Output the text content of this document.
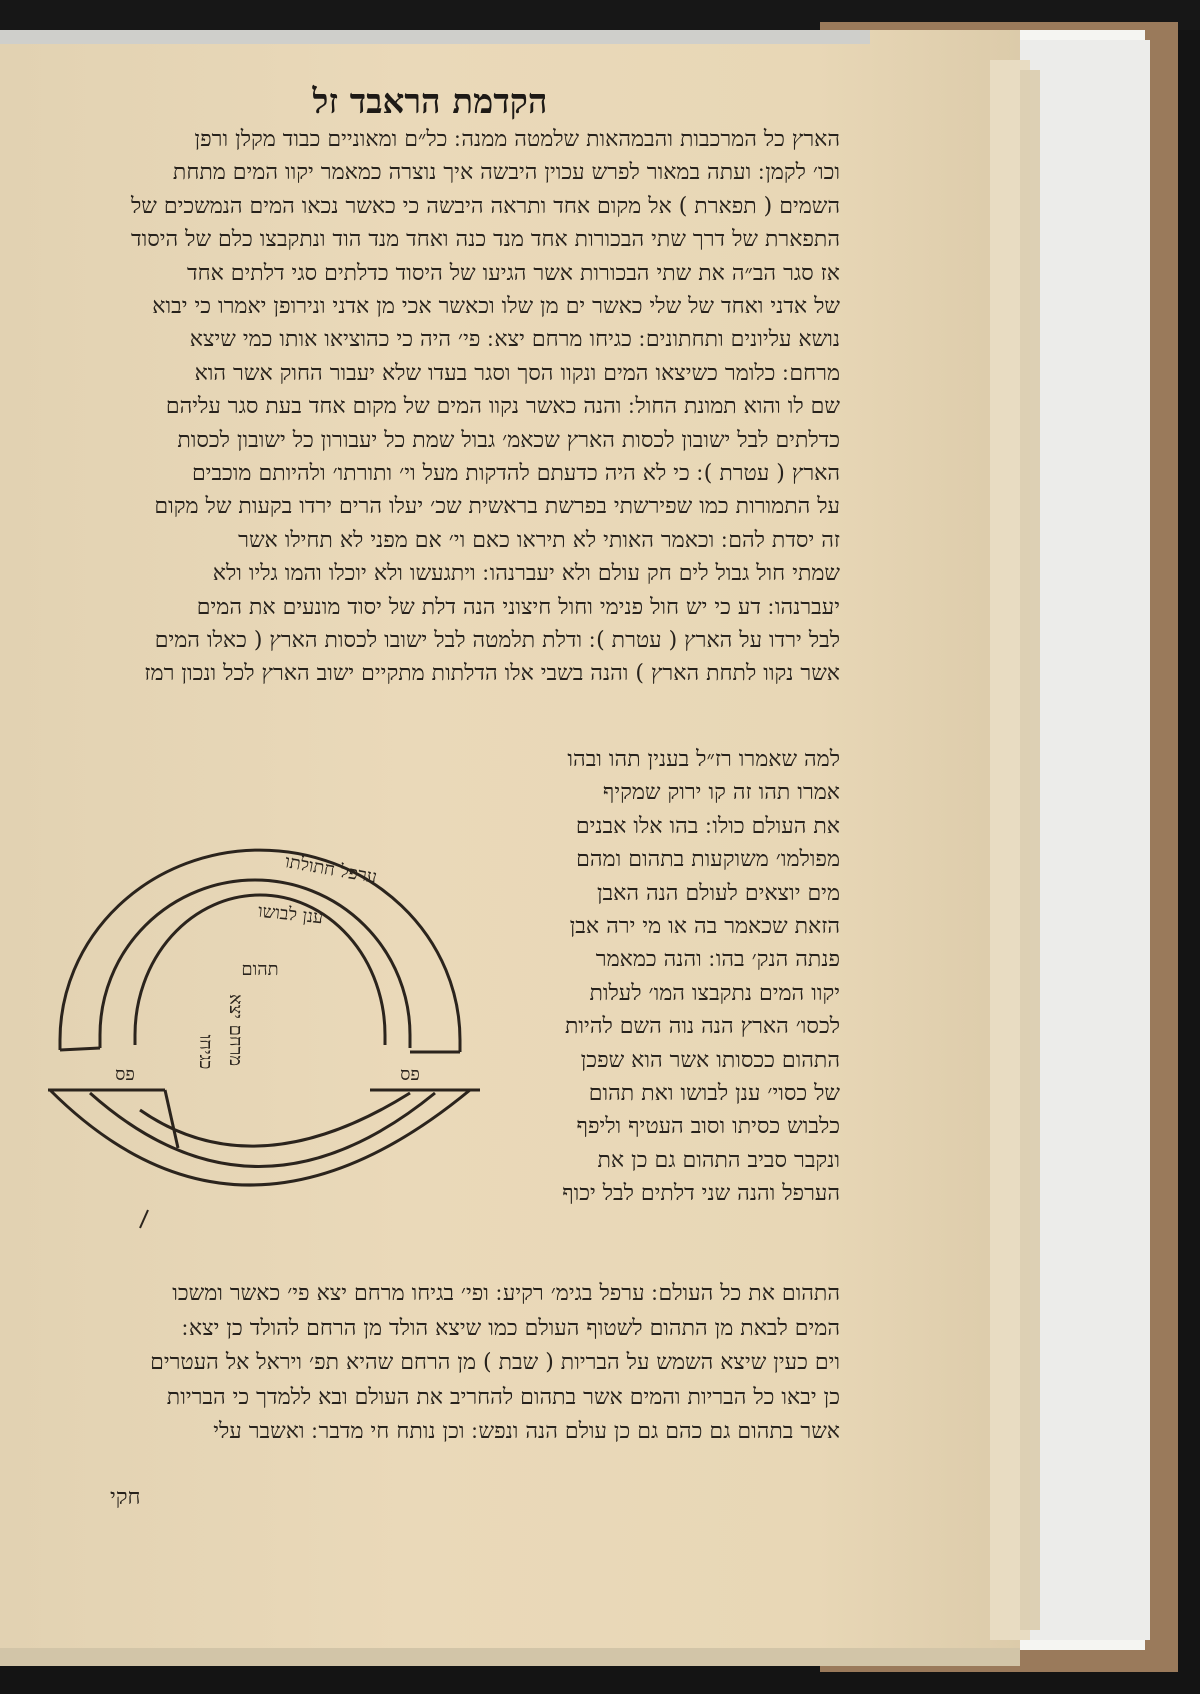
הקדמת הראבד זל
הארץ כל המרכבות והבמהאות שלמטה ממנה ׃ כל״ם ומאוניים כבוד מקלן ורפן
וכו׳ לקמן ׃ ועתה במאור לפרש עכוין היבשה איך נוצרה כמאמר יקוו המים מתחת
השמים ( תפארת ) אל מקום אחד ותראה היבשה כי כאשר נכאו המים הנמשכים של
התפארת של דרך שתי הבכורות אחד מנד כנה ואחד מנד הוד ונתקבצו כלם של היסוד
אז סגר הב״ה את שתי הבכורות אשר הגיעו של היסוד כדלתים סגי דלתים אחד
של אדני ואחד של שלי כאשר ים מן שלו וכאשר אכי מן אדני ונירופן יאמרו כי יבוא
נושא עליונים ותחתונים ׃ כגיחו מרחם יצא ׃ פי׳ היה כי כהוציאו אותו כמי שיצא
מרחם ׃ כלומר כשיצאו המים ונקוו הסך וסגר בעדו שלא יעבור החוק אשר הוא
שם לו והוא תמונת החול ׃ והנה כאשר נקוו המים של מקום אחד בעת סגר עליהם
כדלתים לבל ישובון לכסות הארץ שכאמ׳ גבול שמת כל יעבורון כל ישובון לכסות
הארץ ( עטרת ) ׃ כי לא היה כדעתם להדקות מעל וי׳ ותורתו׳ ולהיותם מוכבים
על התמורות כמו שפירשתי בפרשת בראשית שכ׳ יעלו הרים ירדו בקעות של מקום
זה יסדת להם ׃ וכאמר האותי לא תיראו כאם וי׳ אם מפני לא תחילו אשר
שמתי חול גבול לים חק עולם ולא יעברנהו ׃ ויתגעשו ולא יוכלו והמו גליו ולא
יעברנהו ׃ דע כי יש חול פנימי וחול חיצוני הנה דלת של יסוד מונעים את המים
לבל ירדו על הארץ ( עטרת ) ׃ ודלת תלמטה לבל ישובו לכסות הארץ ( כאלו המים
אשר נקוו לתחת הארץ ) והנה בשבי אלו הדלתות מתקיים ישוב הארץ לכל ונכון רמז
למה שאמרו רז״ל בענין תהו ובהו
אמרו תהו זה קו ירוק שמקיף
את העולם כולו ׃ בהו אלו אבנים
מפולמו׳ משוקעות בתהום ומהם
מים יוצאים לעולם הנה האבן
הזאת שכאמר בה או מי ירה אבן
פנתה הנק׳ בהו ׃ והנה כמאמר
יקוו המים נתקבצו המו׳ לעלות
לכסו׳ הארץ הנה נוה השם להיות
התהום ככסותו אשר הוא שפכן
של כסוי׳ ענן לבושו ואת תהום
כלבוש כסיתו וסוב העטיף וליפף
ונקבר סביב התהום גם כן את
הערפל והנה שני דלתים לבל יכוף
התהום את כל העולם ׃ ערפל בגימ׳ רקיע ׃ ופי׳ בגיחו מרחם יצא פי׳ כאשר ומשכו
המים לבאת מן התהום לשטוף העולם כמו שיצא הולד מן הרחם להולד כן יצא ׃
וים כעין שיצא השמש על הבריות ( שבת ) מן הרחם שהיא תפ׳ ויראל אל העטרים
כן יבאו כל הבריות והמים אשר בתהום להחריב את העולם ובא ללמדך כי הבריות
אשר בתהום גם כהם גם כן עולם הנה ונפש ׃ וכן נותח חי מדבר ׃ ואשבר עלי
חקי
ערפל חתולתו
ענן לבושו
תהום
פס	פס
כגיחו מרחם יצא
